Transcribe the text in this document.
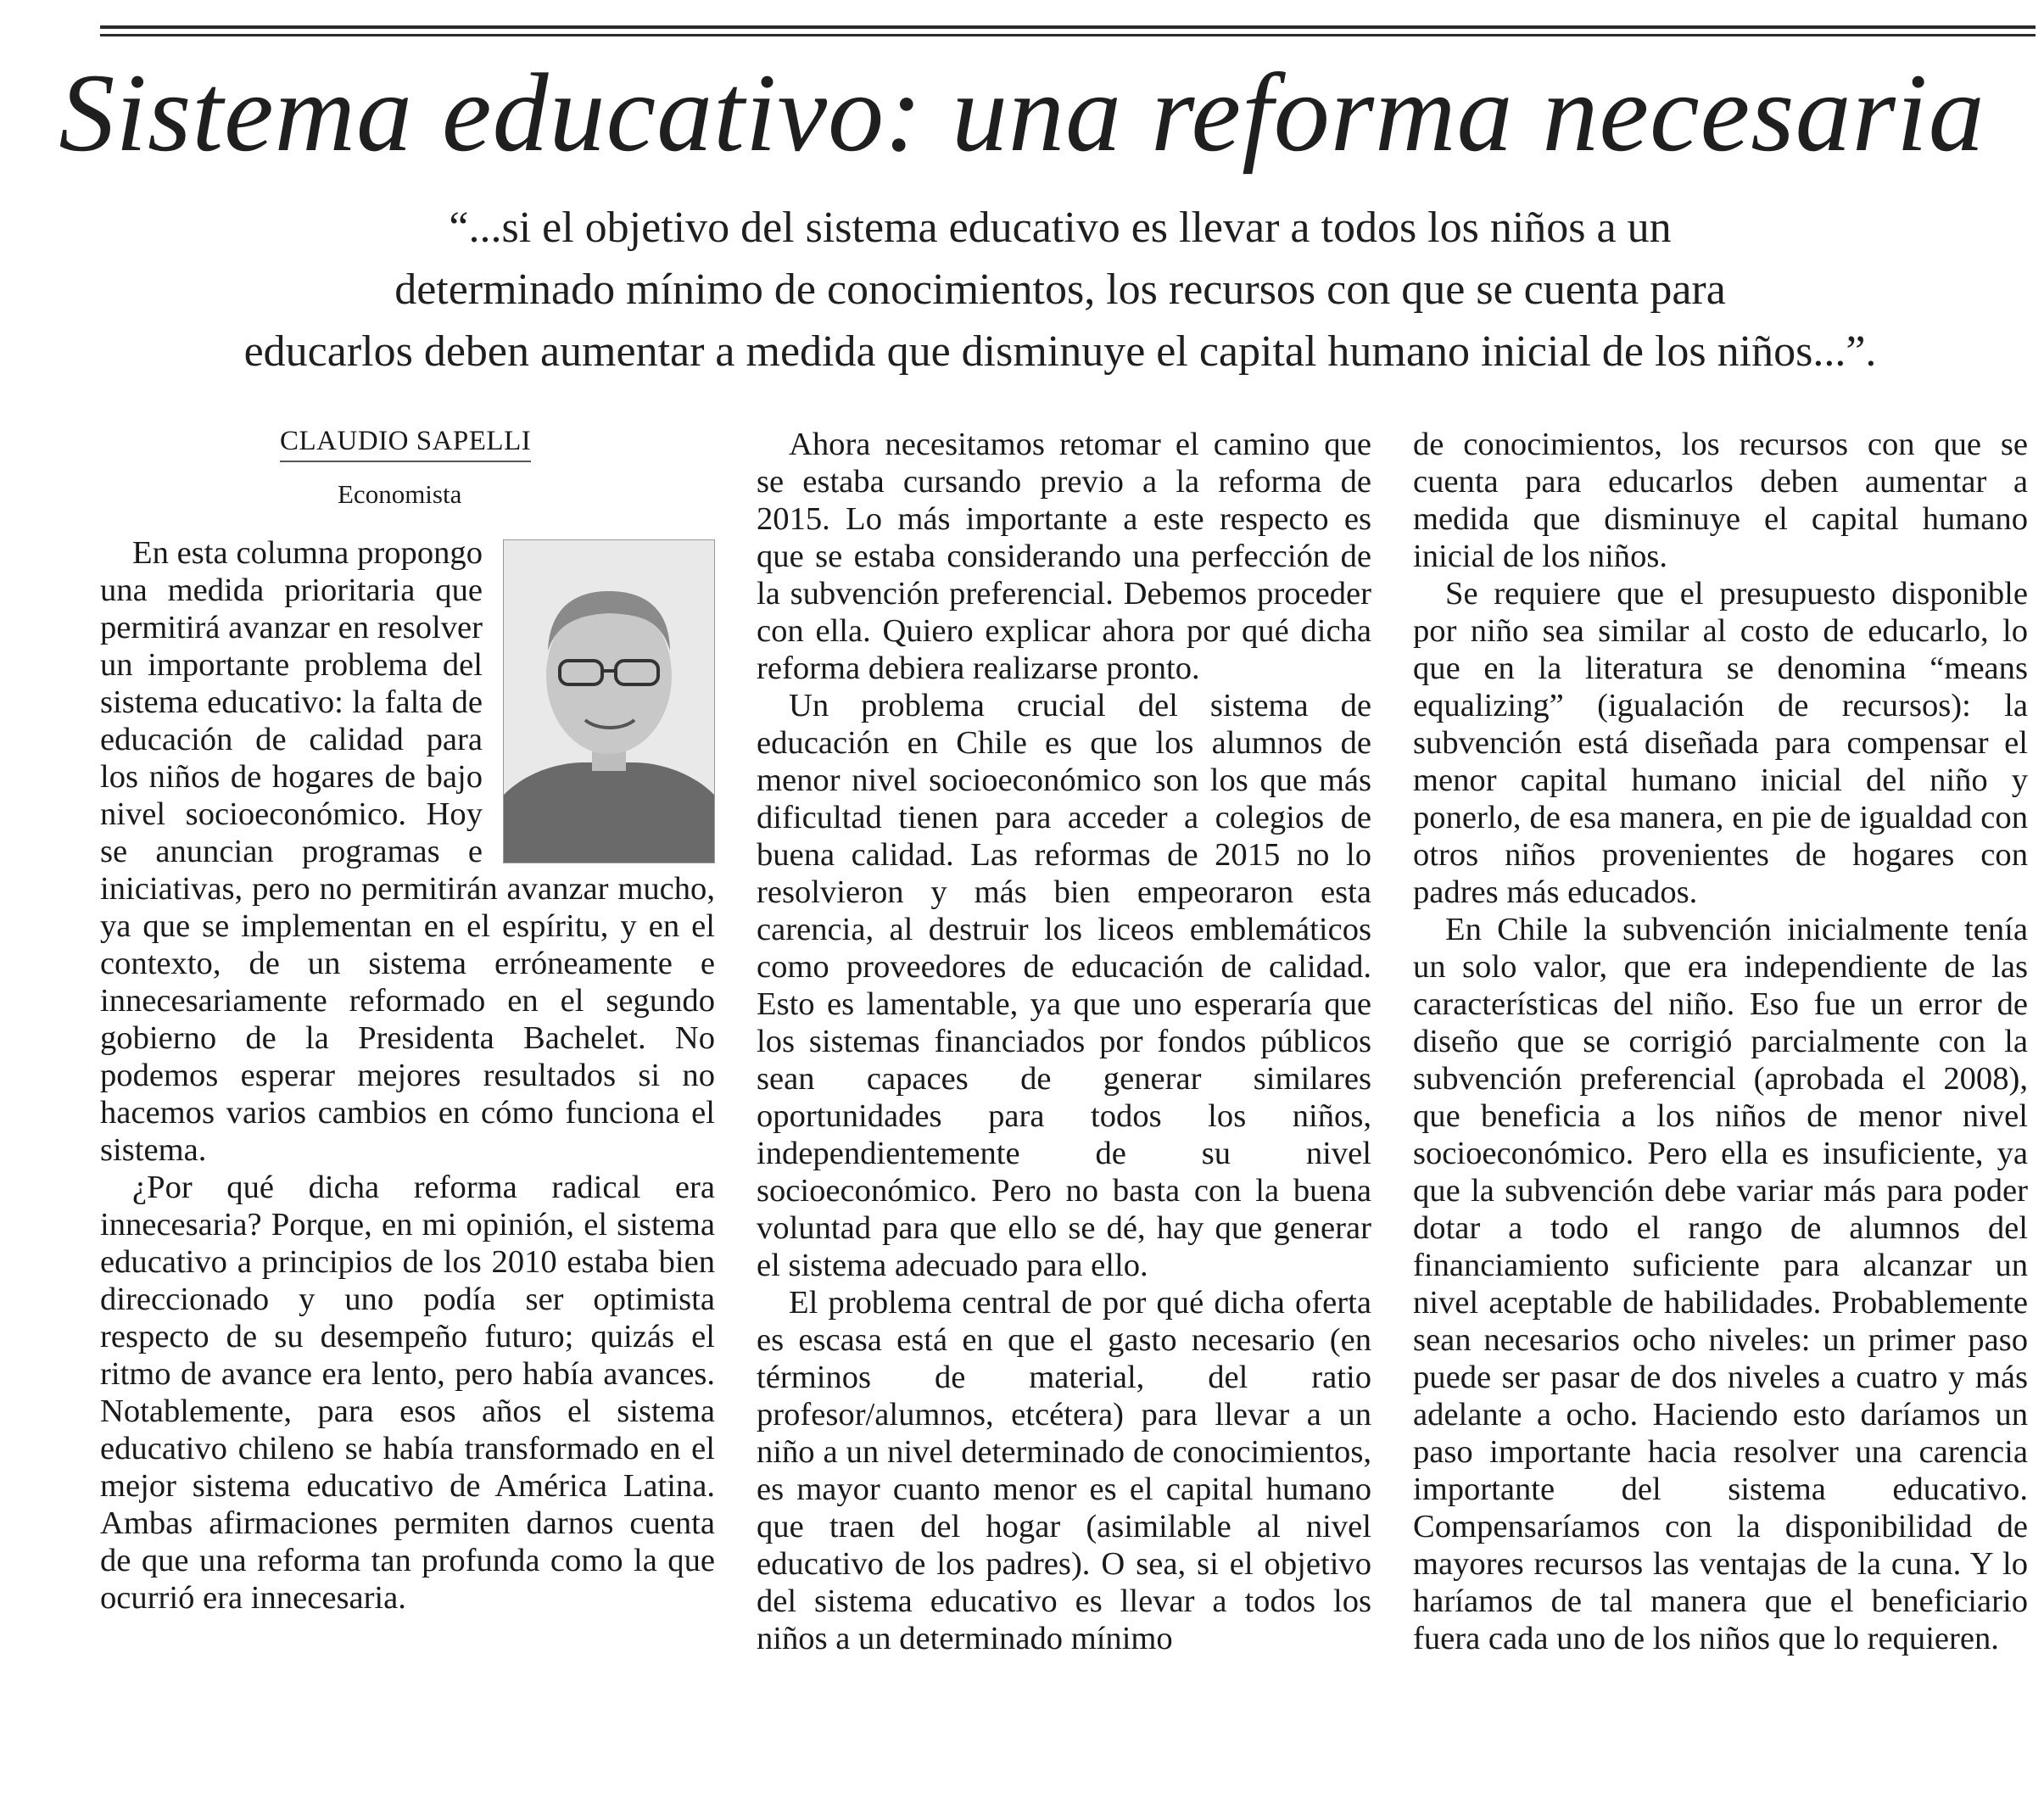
Sistema educativo: una reforma necesaria
“...si el objetivo del sistema educativo es llevar a todos los niños a un
determinado mínimo de conocimientos, los recursos con que se cuenta para
educarlos deben aumentar a medida que disminuye el capital humano inicial de los niños...”.
CLAUDIO SAPELLI
Economista

En esta columna propongo una medida prioritaria que permitirá avanzar en resolver un importante problema del sistema educativo: la falta de educación de calidad para los niños de hogares de bajo nivel socioeconómico. Hoy se anuncian programas e iniciativas, pero no permitirán avanzar mucho, ya que se implementan en el espíritu, y en el contexto, de un sistema erróneamente e innecesariamente reformado en el segundo gobierno de la Presidenta Bachelet. No podemos esperar mejores resultados si no hacemos varios cambios en cómo funciona el sistema.

¿Por qué dicha reforma radical era innecesaria? Porque, en mi opinión, el sistema educativo a principios de los 2010 estaba bien direccionado y uno podía ser optimista respecto de su desempeño futuro; quizás el ritmo de avance era lento, pero había avances. Notablemente, para esos años el sistema educativo chileno se había transformado en el mejor sistema educativo de América Latina. Ambas afirmaciones permiten darnos cuenta de que una reforma tan profunda como la que ocurrió era innecesaria.

Ahora necesitamos retomar el camino que se estaba cursando previo a la reforma de 2015. Lo más importante a este respecto es que se estaba considerando una perfección de la subvención preferencial. Debemos proceder con ella. Quiero explicar ahora por qué dicha reforma debiera realizarse pronto.

Un problema crucial del sistema de educación en Chile es que los alumnos de menor nivel socioeconómico son los que más dificultad tienen para acceder a colegios de buena calidad. Las reformas de 2015 no lo resolvieron y más bien empeoraron esta carencia, al destruir los liceos emblemáticos como proveedores de educación de calidad. Esto es lamentable, ya que uno esperaría que los sistemas financiados por fondos públicos sean capaces de generar similares oportunidades para todos los niños, independientemente de su nivel socioeconómico. Pero no basta con la buena voluntad para que ello se dé, hay que generar el sistema adecuado para ello.

El problema central de por qué dicha oferta es escasa está en que el gasto necesario (en términos de material, del ratio profesor/alumnos, etcétera) para llevar a un niño a un nivel determinado de conocimientos, es mayor cuanto menor es el capital humano que traen del hogar (asimilable al nivel educativo de los padres). O sea, si el objetivo del sistema educativo es llevar a todos los niños a un determinado mínimo

de conocimientos, los recursos con que se cuenta para educarlos deben aumentar a medida que disminuye el capital humano inicial de los niños.

Se requiere que el presupuesto disponible por niño sea similar al costo de educarlo, lo que en la literatura se denomina “means equalizing” (igualación de recursos): la subvención está diseñada para compensar el menor capital humano inicial del niño y ponerlo, de esa manera, en pie de igualdad con otros niños provenientes de hogares con padres más educados.

En Chile la subvención inicialmente tenía un solo valor, que era independiente de las características del niño. Eso fue un error de diseño que se corrigió parcialmente con la subvención preferencial (aprobada el 2008), que beneficia a los niños de menor nivel socioeconómico. Pero ella es insuficiente, ya que la subvención debe variar más para poder dotar a todo el rango de alumnos del financiamiento suficiente para alcanzar un nivel aceptable de habilidades. Probablemente sean necesarios ocho niveles: un primer paso puede ser pasar de dos niveles a cuatro y más adelante a ocho. Haciendo esto daríamos un paso importante hacia resolver una carencia importante del sistema educativo. Compensaríamos con la disponibilidad de mayores recursos las ventajas de la cuna. Y lo haríamos de tal manera que el beneficiario fuera cada uno de los niños que lo requieren.
